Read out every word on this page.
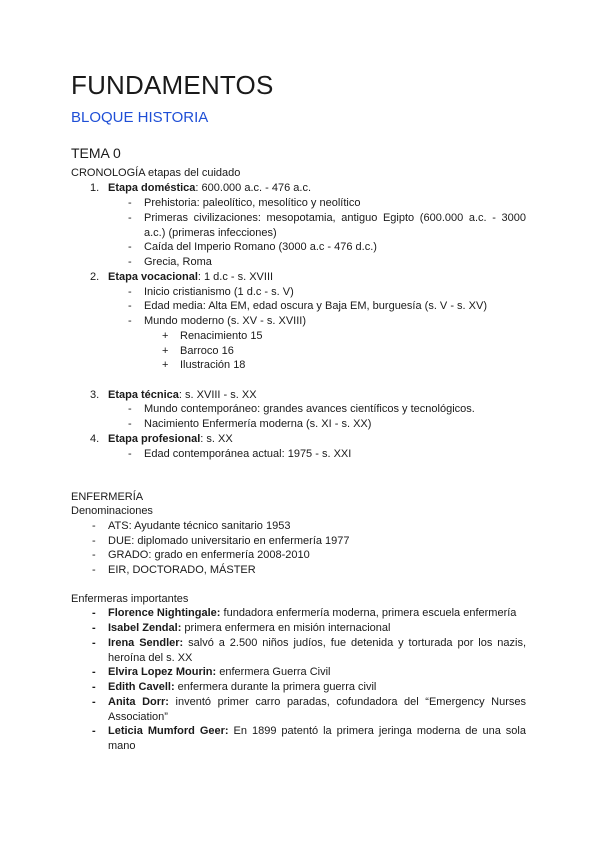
FUNDAMENTOS
BLOQUE HISTORIA
TEMA 0
CRONOLOGÍA etapas del cuidado
1. Etapa doméstica: 600.000 a.c. - 476 a.c.
- Prehistoria: paleolítico, mesolítico y neolítico
- Primeras civilizaciones: mesopotamia, antiguo Egipto (600.000 a.c. - 3000 a.c.) (primeras infecciones)
- Caída del Imperio Romano (3000 a.c - 476 d.c.)
- Grecia, Roma
2. Etapa vocacional: 1 d.c - s. XVIII
- Inicio cristianismo (1 d.c - s. V)
- Edad media: Alta EM, edad oscura y Baja EM, burguesía (s. V - s. XV)
- Mundo moderno (s. XV - s. XVIII)
+ Renacimiento 15
+ Barroco 16
+ Ilustración 18
3. Etapa técnica: s. XVIII - s. XX
- Mundo contemporáneo: grandes avances científicos y tecnológicos.
- Nacimiento Enfermería moderna (s. XI - s. XX)
4. Etapa profesional: s. XX
- Edad contemporánea actual: 1975 - s. XXI
ENFERMERÍA
Denominaciones
- ATS: Ayudante técnico sanitario 1953
- DUE: diplomado universitario en enfermería 1977
- GRADO: grado en enfermería 2008-2010
- EIR, DOCTORADO, MÁSTER
Enfermeras importantes
- Florence Nightingale: fundadora enfermería moderna, primera escuela enfermería
- Isabel Zendal: primera enfermera en misión internacional
- Irena Sendler: salvó a 2.500 niños judíos, fue detenida y torturada por los nazis, heroína del s. XX
- Elvira Lopez Mourin: enfermera Guerra Civil
- Edith Cavell: enfermera durante la primera guerra civil
- Anita Dorr: inventó primer carro paradas, cofundadora del “Emergency Nurses Association”
- Leticia Mumford Geer: En 1899 patentó la primera jeringa moderna de una sola mano
